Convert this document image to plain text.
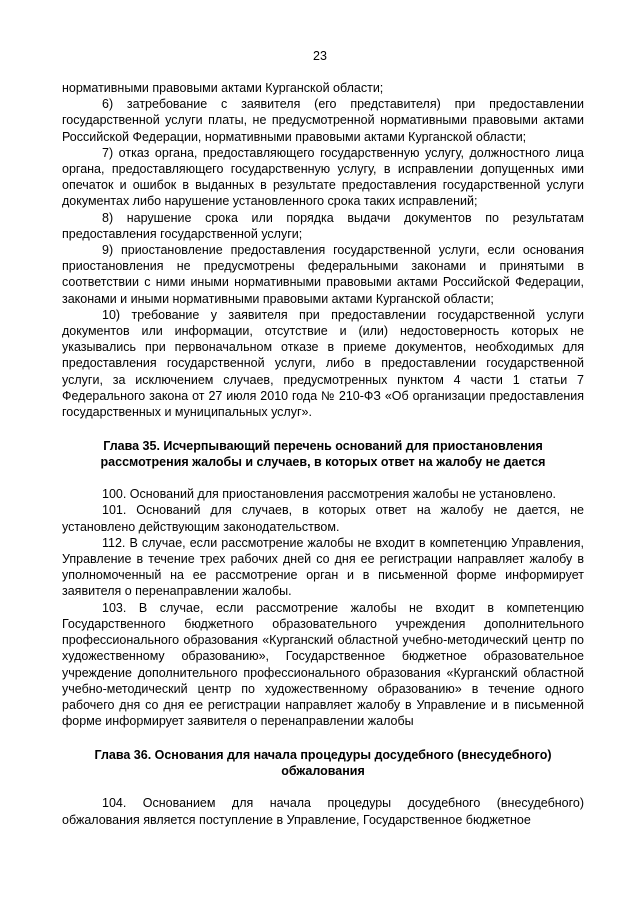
23

нормативными правовыми актами Курганской области;

6) затребование с заявителя (его представителя) при предоставлении государственной услуги платы, не предусмотренной нормативными правовыми актами Российской Федерации, нормативными правовыми актами Курганской области;

7) отказ органа, предоставляющего государственную услугу, должностного лица органа, предоставляющего государственную услугу, в исправлении допущенных ими опечаток и ошибок в выданных в результате предоставления государственной услуги документах либо нарушение установленного срока таких исправлений;

8) нарушение срока или порядка выдачи документов по результатам предоставления государственной услуги;

9) приостановление предоставления государственной услуги, если основания приостановления не предусмотрены федеральными законами и принятыми в соответствии с ними иными нормативными правовыми актами Российской Федерации, законами и иными нормативными правовыми актами Курганской области;

10) требование у заявителя при предоставлении государственной услуги документов или информации, отсутствие и (или) недостоверность которых не указывались при первоначальном отказе в приеме документов, необходимых для предоставления государственной услуги, либо в предоставлении государственной услуги, за исключением случаев, предусмотренных пунктом 4 части 1 статьи 7 Федерального закона от 27 июля 2010 года № 210-ФЗ «Об организации предоставления государственных и муниципальных услуг».

Глава 35. Исчерпывающий перечень оснований для приостановления рассмотрения жалобы и случаев, в которых ответ на жалобу не дается

100. Оснований для приостановления рассмотрения жалобы не установлено.

101. Оснований для случаев, в которых ответ на жалобу не дается, не установлено действующим законодательством.

112. В случае, если рассмотрение жалобы не входит в компетенцию Управления, Управление в течение трех рабочих дней со дня ее регистрации направляет жалобу в уполномоченный на ее рассмотрение орган и в письменной форме информирует заявителя о перенаправлении жалобы.

103. В случае, если рассмотрение жалобы не входит в компетенцию Государственного бюджетного образовательного учреждения дополнительного профессионального образования «Курганский областной учебно-методический центр по художественному образованию», Государственное бюджетное образовательное учреждение дополнительного профессионального образования «Курганский областной учебно-методический центр по художественному образованию» в течение одного рабочего дня со дня ее регистрации направляет жалобу в Управление и в письменной форме информирует заявителя о перенаправлении жалобы

Глава 36. Основания для начала процедуры досудебного (внесудебного) обжалования

104. Основанием для начала процедуры досудебного (внесудебного) обжалования является поступление в Управление, Государственное бюджетное
